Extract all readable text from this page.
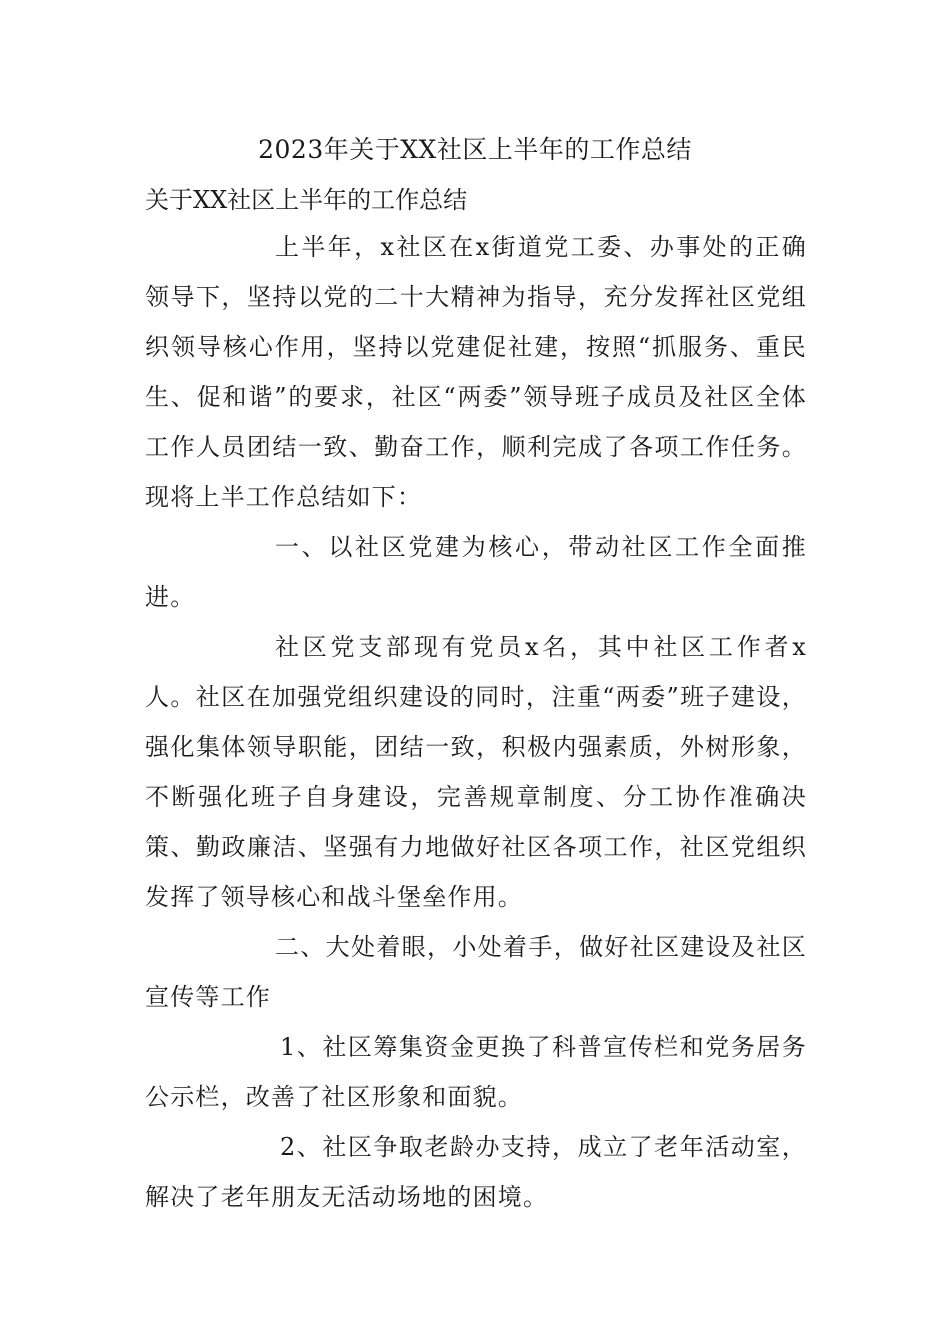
2023年关于XX社区上半年的工作总结
关于XX社区上半年的工作总结

上半年，x社区在x街道党工委、办事处的正确领导下，坚持以党的二十大精神为指导，充分发挥社区党组织领导核心作用，坚持以党建促社建，按照“抓服务、重民生、促和谐”的要求，社区“两委”领导班子成员及社区全体工作人员团结一致、勤奋工作，顺利完成了各项工作任务。现将上半工作总结如下：

一、以社区党建为核心，带动社区工作全面推进。

社区党支部现有党员x名，其中社区工作者x人。社区在加强党组织建设的同时，注重“两委”班子建设，强化集体领导职能，团结一致，积极内强素质，外树形象，不断强化班子自身建设，完善规章制度、分工协作准确决策、勤政廉洁、坚强有力地做好社区各项工作，社区党组织发挥了领导核心和战斗堡垒作用。

二、大处着眼，小处着手，做好社区建设及社区宣传等工作

1、社区筹集资金更换了科普宣传栏和党务居务公示栏，改善了社区形象和面貌。

2、社区争取老龄办支持，成立了老年活动室，解决了老年朋友无活动场地的困境。
